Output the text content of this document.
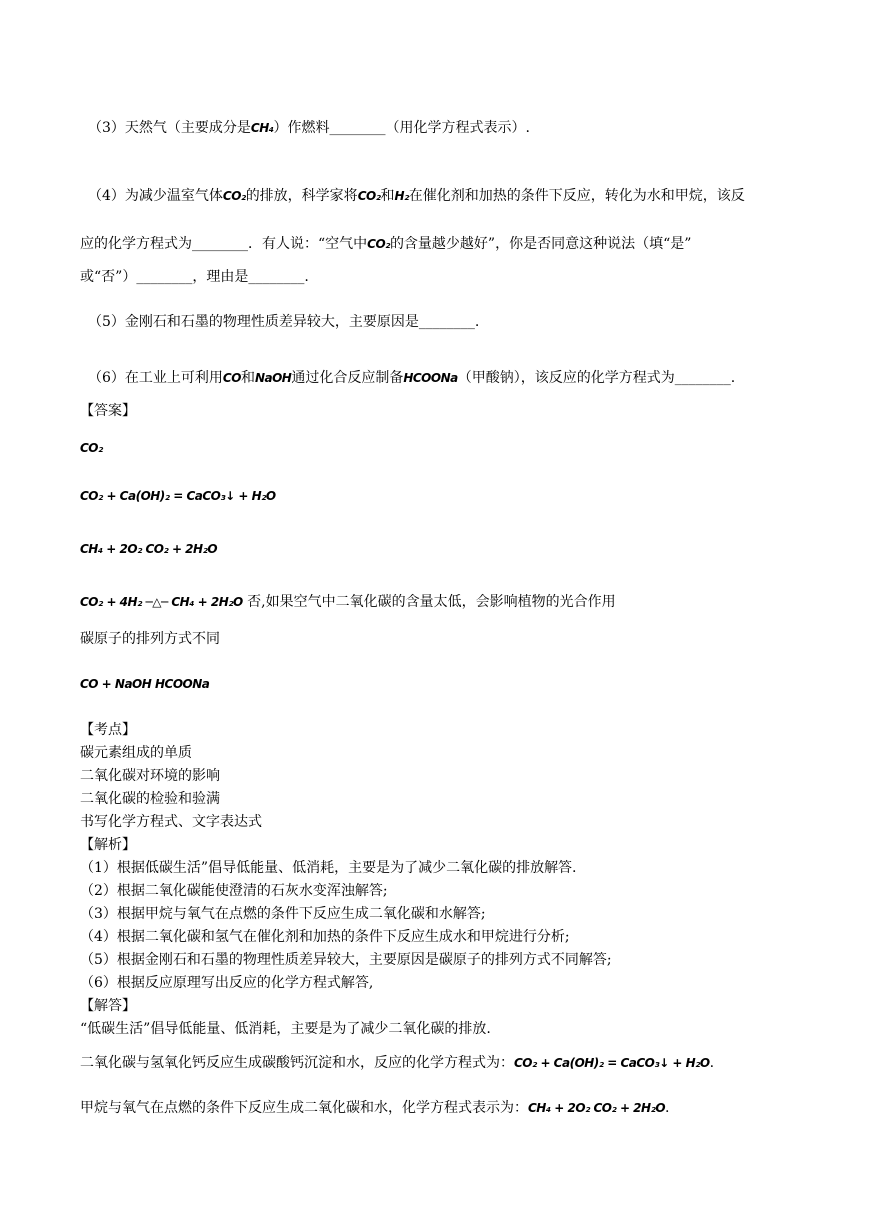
（3）天然气（主要成分是CH₄）作燃料________（用化学方程式表示）.
（4）为减少温室气体CO₂的排放，科学家将CO₂和H₂在催化剂和加热的条件下反应，转化为水和甲烷，该反
应的化学方程式为________．有人说：“空气中CO₂的含量越少越好”，你是否同意这种说法（填“是”
或“否”）________，理由是________.
（5）金刚石和石墨的物理性质差异较大，主要原因是________.
（6）在工业上可利用CO和NaOH通过化合反应制备HCOONa（甲酸钠），该反应的化学方程式为________.
【答案】
CO₂
CO₂ + Ca(OH)₂ = CaCO₃↓ + H₂O
CH₄ + 2O₂ CO₂ + 2H₂O
CO₂ + 4H₂ ─△─ CH₄ + 2H₂O 否,如果空气中二氧化碳的含量太低，会影响植物的光合作用
碳原子的排列方式不同
CO + NaOH HCOONa
【考点】
碳元素组成的单质
二氧化碳对环境的影响
二氧化碳的检验和验满
书写化学方程式、文字表达式
【解析】
（1）根据低碳生活”倡导低能量、低消耗，主要是为了减少二氧化碳的排放解答.
（2）根据二氧化碳能使澄清的石灰水变浑浊解答;
（3）根据甲烷与氧气在点燃的条件下反应生成二氧化碳和水解答;
（4）根据二氧化碳和氢气在催化剂和加热的条件下反应生成水和甲烷进行分析;
（5）根据金刚石和石墨的物理性质差异较大，主要原因是碳原子的排列方式不同解答;
（6）根据反应原理写出反应的化学方程式解答,
【解答】
“低碳生活”倡导低能量、低消耗，主要是为了减少二氧化碳的排放.
二氧化碳与氢氧化钙反应生成碳酸钙沉淀和水，反应的化学方程式为：CO₂ + Ca(OH)₂ = CaCO₃↓ + H₂O.
甲烷与氧气在点燃的条件下反应生成二氧化碳和水，化学方程式表示为：CH₄ + 2O₂ CO₂ + 2H₂O.
